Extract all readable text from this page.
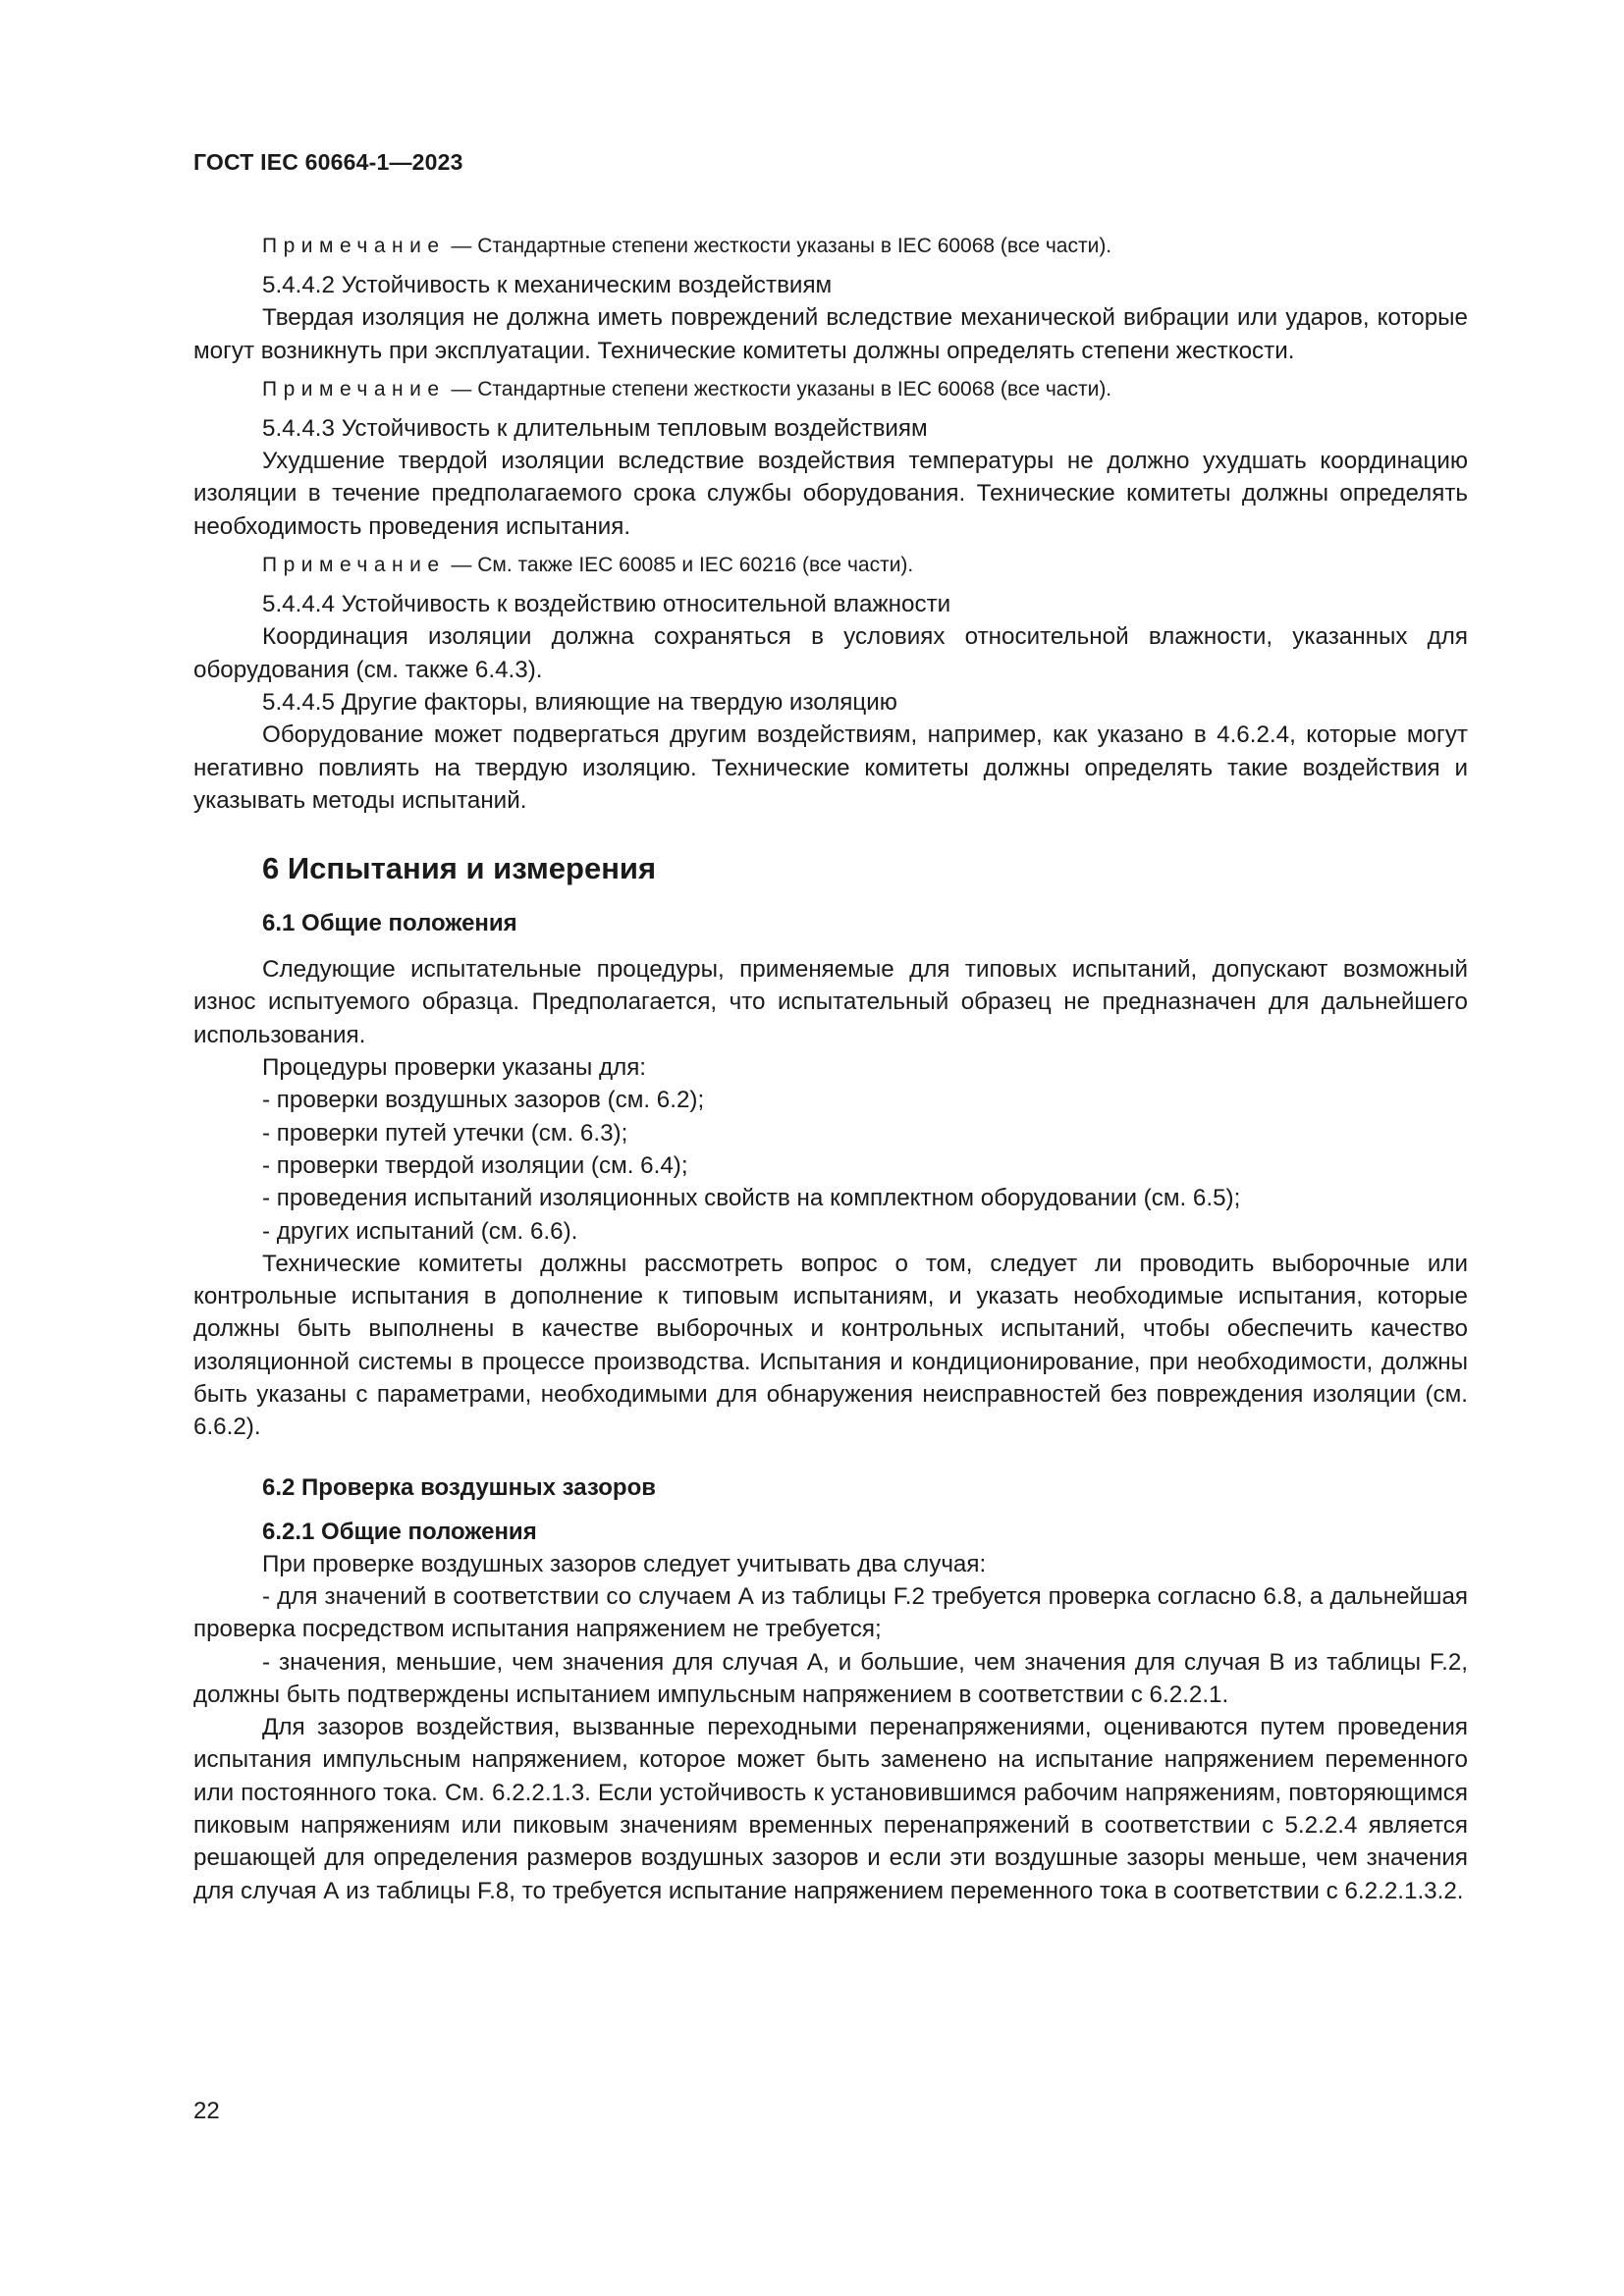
ГОСТ IEC 60664-1—2023

Примечание — Стандартные степени жесткости указаны в IEC 60068 (все части).

5.4.4.2 Устойчивость к механическим воздействиям

Твердая изоляция не должна иметь повреждений вследствие механической вибрации или ударов, которые могут возникнуть при эксплуатации. Технические комитеты должны определять степени жесткости.

Примечание — Стандартные степени жесткости указаны в IEC 60068 (все части).

5.4.4.3 Устойчивость к длительным тепловым воздействиям

Ухудшение твердой изоляции вследствие воздействия температуры не должно ухудшать координацию изоляции в течение предполагаемого срока службы оборудования. Технические комитеты должны определять необходимость проведения испытания.

Примечание — См. также IEC 60085 и IEC 60216 (все части).

5.4.4.4 Устойчивость к воздействию относительной влажности

Координация изоляции должна сохраняться в условиях относительной влажности, указанных для оборудования (см. также 6.4.3).

5.4.4.5 Другие факторы, влияющие на твердую изоляцию

Оборудование может подвергаться другим воздействиям, например, как указано в 4.6.2.4, которые могут негативно повлиять на твердую изоляцию. Технические комитеты должны определять такие воздействия и указывать методы испытаний.

6 Испытания и измерения
6.1 Общие положения

Следующие испытательные процедуры, применяемые для типовых испытаний, допускают возможный износ испытуемого образца. Предполагается, что испытательный образец не предназначен для дальнейшего использования.

Процедуры проверки указаны для:

- проверки воздушных зазоров (см. 6.2);

- проверки путей утечки (см. 6.3);

- проверки твердой изоляции (см. 6.4);

- проведения испытаний изоляционных свойств на комплектном оборудовании (см. 6.5);

- других испытаний (см. 6.6).

Технические комитеты должны рассмотреть вопрос о том, следует ли проводить выборочные или контрольные испытания в дополнение к типовым испытаниям, и указать необходимые испытания, которые должны быть выполнены в качестве выборочных и контрольных испытаний, чтобы обеспечить качество изоляционной системы в процессе производства. Испытания и кондиционирование, при необходимости, должны быть указаны с параметрами, необходимыми для обнаружения неисправностей без повреждения изоляции (см. 6.6.2).

6.2 Проверка воздушных зазоров
6.2.1 Общие положения

При проверке воздушных зазоров следует учитывать два случая:

- для значений в соответствии со случаем А из таблицы F.2 требуется проверка согласно 6.8, а дальнейшая проверка посредством испытания напряжением не требуется;

- значения, меньшие, чем значения для случая А, и большие, чем значения для случая В из таблицы F.2, должны быть подтверждены испытанием импульсным напряжением в соответствии с 6.2.2.1.

Для зазоров воздействия, вызванные переходными перенапряжениями, оцениваются путем проведения испытания импульсным напряжением, которое может быть заменено на испытание напряжением переменного или постоянного тока. См. 6.2.2.1.3. Если устойчивость к установившимся рабочим напряжениям, повторяющимся пиковым напряжениям или пиковым значениям временных перенапряжений в соответствии с 5.2.2.4 является решающей для определения размеров воздушных зазоров и если эти воздушные зазоры меньше, чем значения для случая А из таблицы F.8, то требуется испытание напряжением переменного тока в соответствии с 6.2.2.1.3.2.

22
